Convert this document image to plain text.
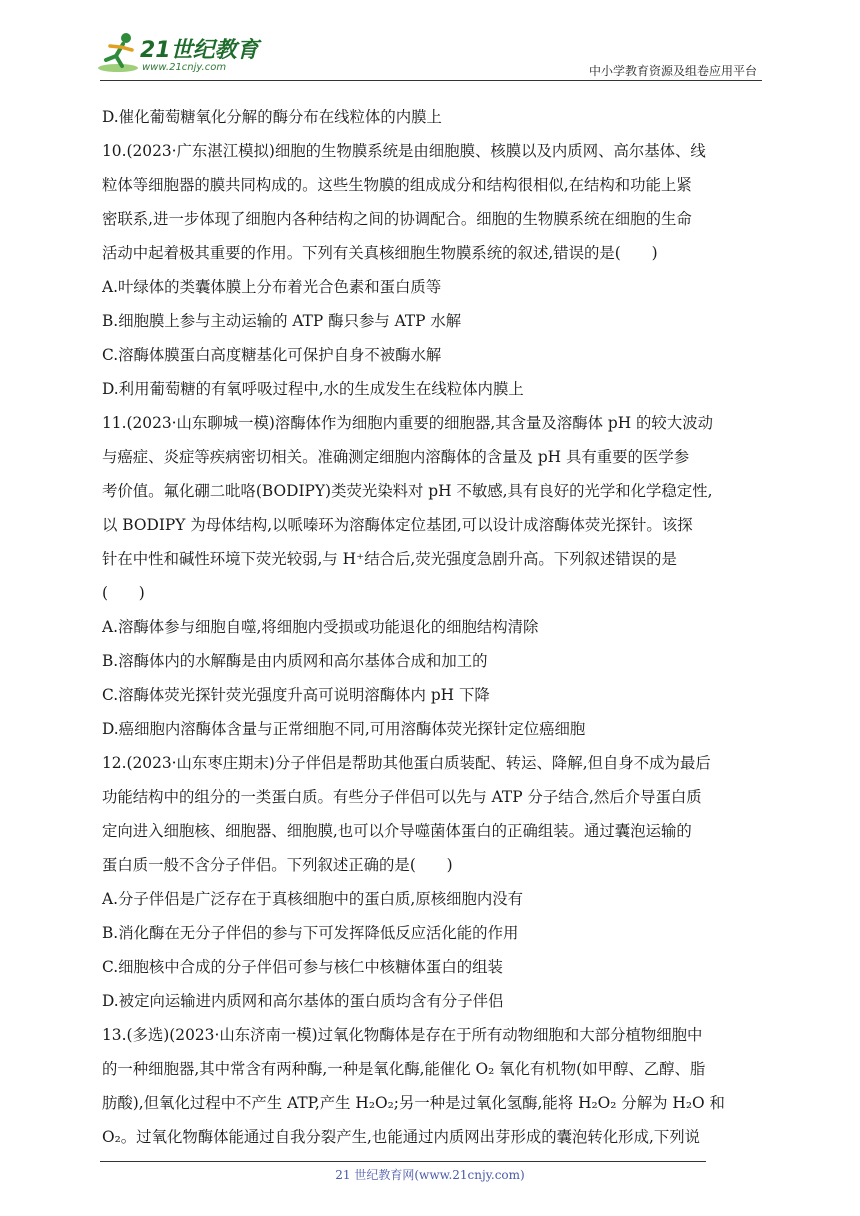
21世纪教育
www.21cnjy.com	中小学教育资源及组卷应用平台
D.催化葡萄糖氧化分解的酶分布在线粒体的内膜上
10.(2023·广东湛江模拟)细胞的生物膜系统是由细胞膜、核膜以及内质网、高尔基体、线
粒体等细胞器的膜共同构成的。这些生物膜的组成成分和结构很相似,在结构和功能上紧
密联系,进一步体现了细胞内各种结构之间的协调配合。细胞的生物膜系统在细胞的生命
活动中起着极其重要的作用。下列有关真核细胞生物膜系统的叙述,错误的是(　　)
A.叶绿体的类囊体膜上分布着光合色素和蛋白质等
B.细胞膜上参与主动运输的 ATP 酶只参与 ATP 水解
C.溶酶体膜蛋白高度糖基化可保护自身不被酶水解
D.利用葡萄糖的有氧呼吸过程中,水的生成发生在线粒体内膜上
11.(2023·山东聊城一模)溶酶体作为细胞内重要的细胞器,其含量及溶酶体 pH 的较大波动
与癌症、炎症等疾病密切相关。准确测定细胞内溶酶体的含量及 pH 具有重要的医学参
考价值。氟化硼二吡咯(BODIPY)类荧光染料对 pH 不敏感,具有良好的光学和化学稳定性,
以 BODIPY 为母体结构,以哌嗪环为溶酶体定位基团,可以设计成溶酶体荧光探针。该探
针在中性和碱性环境下荧光较弱,与 H⁺结合后,荧光强度急剧升高。下列叙述错误的是
(　　)
A.溶酶体参与细胞自噬,将细胞内受损或功能退化的细胞结构清除
B.溶酶体内的水解酶是由内质网和高尔基体合成和加工的
C.溶酶体荧光探针荧光强度升高可说明溶酶体内 pH 下降
D.癌细胞内溶酶体含量与正常细胞不同,可用溶酶体荧光探针定位癌细胞
12.(2023·山东枣庄期末)分子伴侣是帮助其他蛋白质装配、转运、降解,但自身不成为最后
功能结构中的组分的一类蛋白质。有些分子伴侣可以先与 ATP 分子结合,然后介导蛋白质
定向进入细胞核、细胞器、细胞膜,也可以介导噬菌体蛋白的正确组装。通过囊泡运输的
蛋白质一般不含分子伴侣。下列叙述正确的是(　　)
A.分子伴侣是广泛存在于真核细胞中的蛋白质,原核细胞内没有
B.消化酶在无分子伴侣的参与下可发挥降低反应活化能的作用
C.细胞核中合成的分子伴侣可参与核仁中核糖体蛋白的组装
D.被定向运输进内质网和高尔基体的蛋白质均含有分子伴侣
13.(多选)(2023·山东济南一模)过氧化物酶体是存在于所有动物细胞和大部分植物细胞中
的一种细胞器,其中常含有两种酶,一种是氧化酶,能催化 O₂ 氧化有机物(如甲醇、乙醇、脂
肪酸),但氧化过程中不产生 ATP,产生 H₂O₂;另一种是过氧化氢酶,能将 H₂O₂ 分解为 H₂O 和
O₂。过氧化物酶体能通过自我分裂产生,也能通过内质网出芽形成的囊泡转化形成,下列说
21 世纪教育网(www.21cnjy.com)
